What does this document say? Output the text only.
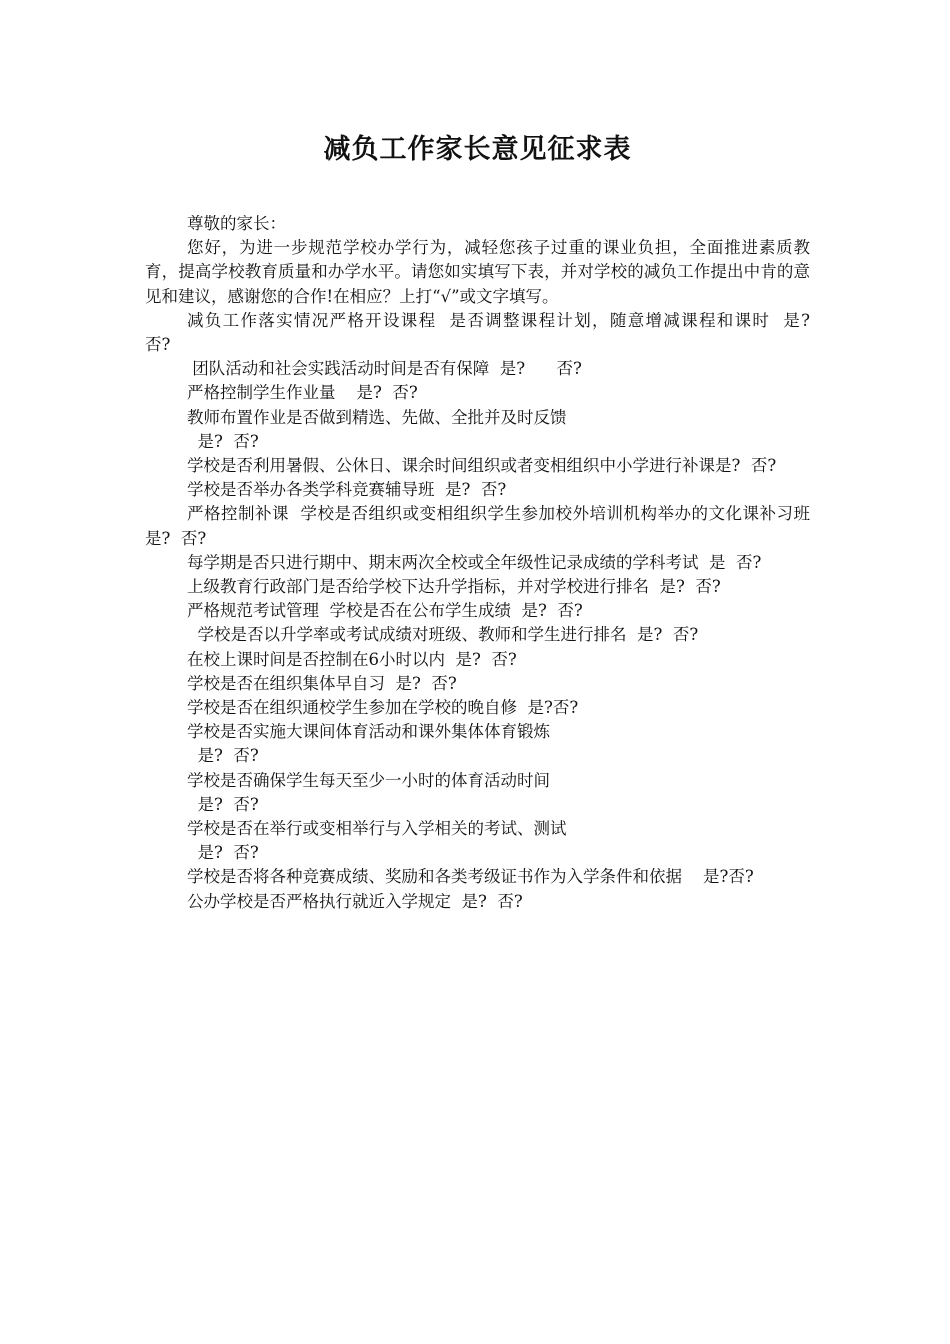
减负工作家长意见征求表

尊敬的家长：

您好，为进一步规范学校办学行为，减轻您孩子过重的课业负担，全面推进素质教育，提高学校教育质量和办学水平。请您如实填写下表，并对学校的减负工作提出中肯的意见和建议，感谢您的合作!在相应？上打“√”或文字填写。

减负工作落实情况严格开设课程  是否调整课程计划，随意增减课程和课时  是?        否?

团队活动和社会实践活动时间是否有保障  是?      否?

严格控制学生作业量    是?  否?

教师布置作业是否做到精选、先做、全批并及时反馈

是?  否?

学校是否利用暑假、公休日、课余时间组织或者变相组织中小学进行补课是?  否?

学校是否举办各类学科竞赛辅导班  是?  否?

严格控制补课  学校是否组织或变相组织学生参加校外培训机构举办的文化课补习班  是?  否?

每学期是否只进行期中、期末两次全校或全年级性记录成绩的学科考试  是  否?

上级教育行政部门是否给学校下达升学指标，并对学校进行排名  是?  否?

严格规范考试管理  学校是否在公布学生成绩  是?  否?

学校是否以升学率或考试成绩对班级、教师和学生进行排名  是?  否?

在校上课时间是否控制在6小时以内  是?  否?

学校是否在组织集体早自习  是?  否?

学校是否在组织通校学生参加在学校的晚自修  是?否?

学校是否实施大课间体育活动和课外集体体育锻炼

是?  否?

学校是否确保学生每天至少一小时的体育活动时间

是?  否?

学校是否在举行或变相举行与入学相关的考试、测试

是?  否?

学校是否将各种竞赛成绩、奖励和各类考级证书作为入学条件和依据    是?否?

公办学校是否严格执行就近入学规定  是?  否?
